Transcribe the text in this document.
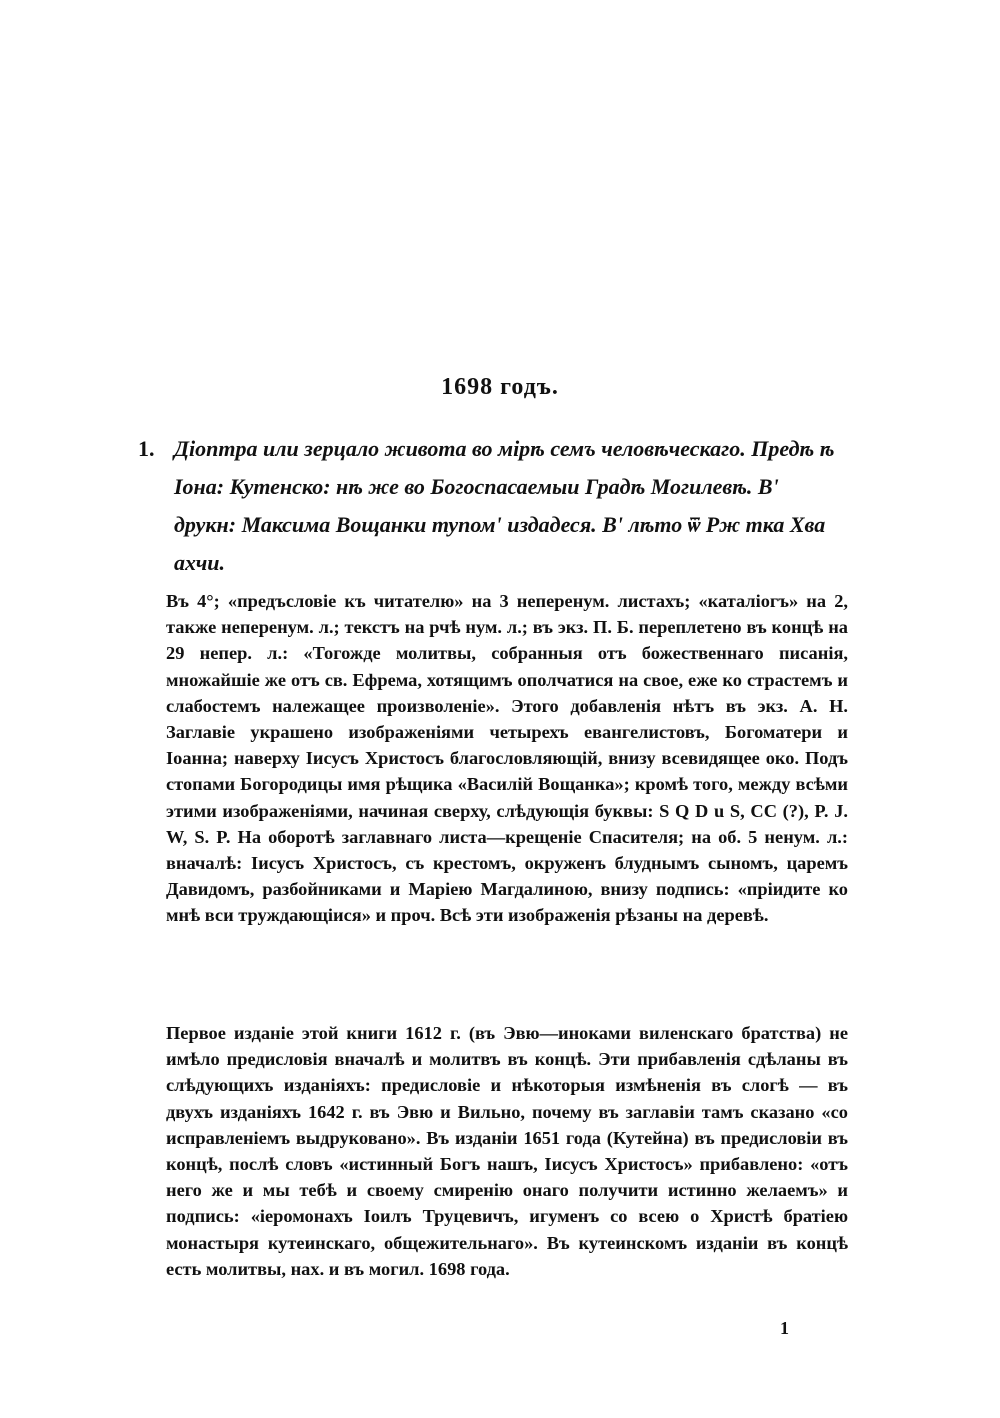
1698 годъ.
1. Діоптра или зерцало живота во мірѣ семъ человѣческаго. Предѣ ѣ Іона: Кутенско: нѣ же во Богоспасаемыи Градѣ Могилевѣ. В' друкн: Максима Вощанки тупом' издадеся. В' лѣто ѿ Рж тка Хва ахчи.
Въ 4°; «предъсловіе къ читателю» на 3 неперенум. листахъ; «каталіогъ» на 2, также неперенум. л.; текстъ на рчѣ нум. л.; въ экз. П. Б. переплетено въ концѣ на 29 непер. л.: «Тогожде молитвы, собранныя отъ божественнаго писанія, множайшіе же отъ св. Ефрема, хотящимъ ополчатися на свое, еже ко страстемъ и слабостемъ належащее произволеніе». Этого добавленія нѣтъ въ экз. А. Н. Заглавіе украшено изображеніями четырехъ евангелистовъ, Богоматери и Іоанна; наверху Іисусъ Христосъ благословляющій, внизу всевидящее око. Подъ стопами Богородицы имя рѣщика «Василій Вощанка»; кромѣ того, между всѣми этими изображеніями, начиная сверху, слѣдующія буквы: S Q D u S, CC (?), P. J. W, S. P. На оборотѣ заглавнаго листа—крещеніе Спасителя; на об. 5 ненум. л.: вначалѣ: Іисусъ Христосъ, съ крестомъ, окруженъ блуднымъ сыномъ, царемъ Давидомъ, разбойниками и Маріею Магдалиною, внизу подпись: «пріидите ко мнѣ вси труждающіися» и проч. Всѣ эти изображенія рѣзаны на деревѣ.
Первое изданіе этой книги 1612 г. (въ Эвю—иноками виленскаго братства) не имѣло предисловія вначалѣ и молитвъ въ концѣ. Эти прибавленія сдѣланы въ слѣдующихъ изданіяхъ: предисловіе и нѣкоторыя измѣненія въ слогѣ — въ двухъ изданіяхъ 1642 г. въ Эвю и Вильно, почему въ заглавіи тамъ сказано «со исправленіемъ выдруковано». Въ изданіи 1651 года (Кутейна) въ предисловіи въ концѣ, послѣ словъ «истинный Богъ нашъ, Іисусъ Христосъ» прибавлено: «отъ него же и мы тебѣ и своему смиренію онаго получити истинно желаемъ» и подпись: «іеромонахъ Іоилъ Труцевичъ, игуменъ со всею о Христѣ братіею монастыря кутеинскаго, общежительнаго». Въ кутеинскомъ изданіи въ концѣ есть молитвы, нах. и въ могил. 1698 года.
1
